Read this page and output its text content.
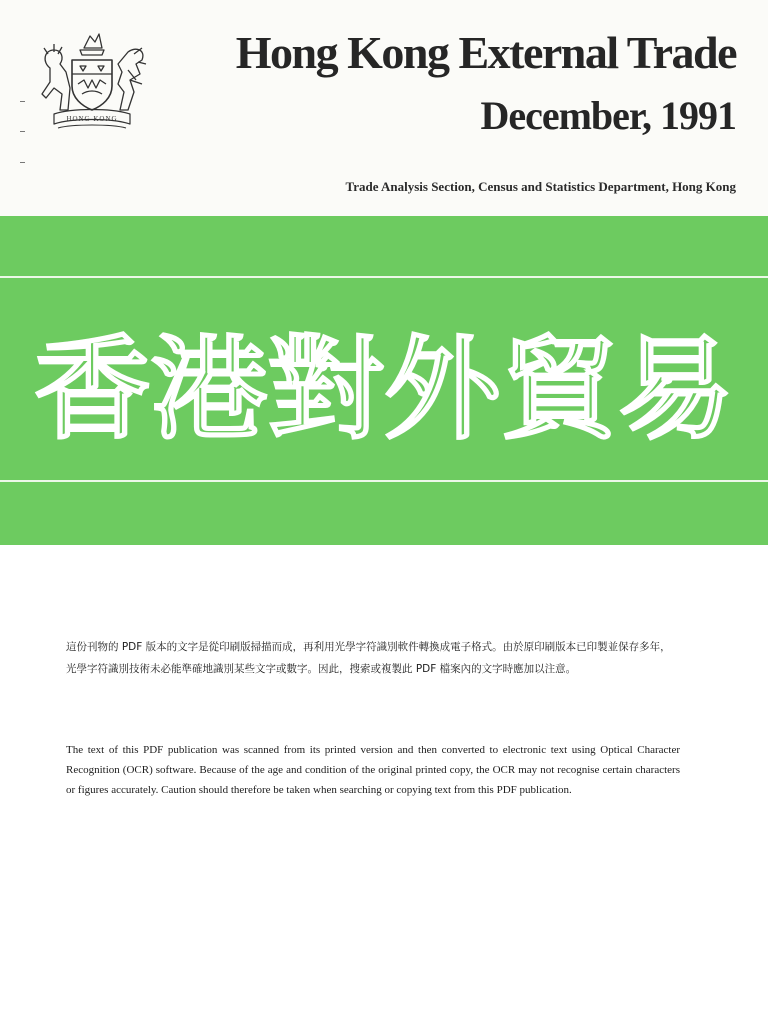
HONG KONG
Hong Kong External Trade
December, 1991
Trade Analysis Section, Census and Statistics Department, Hong Kong
香港對外貿易
這份刊物的 PDF 版本的文字是從印刷版掃描而成，再利用光學字符識別軟件轉換成電子格式。由於原印刷版本已印製並保存多年，光學字符識別技術未必能準確地識別某些文字或數字。因此，搜索或複製此 PDF 檔案內的文字時應加以注意。
The text of this PDF publication was scanned from its printed version and then converted to electronic text using Optical Character Recognition (OCR) software. Because of the age and condition of the original printed copy, the OCR may not recognise certain characters or figures accurately. Caution should therefore be taken when searching or copying text from this PDF publication.
